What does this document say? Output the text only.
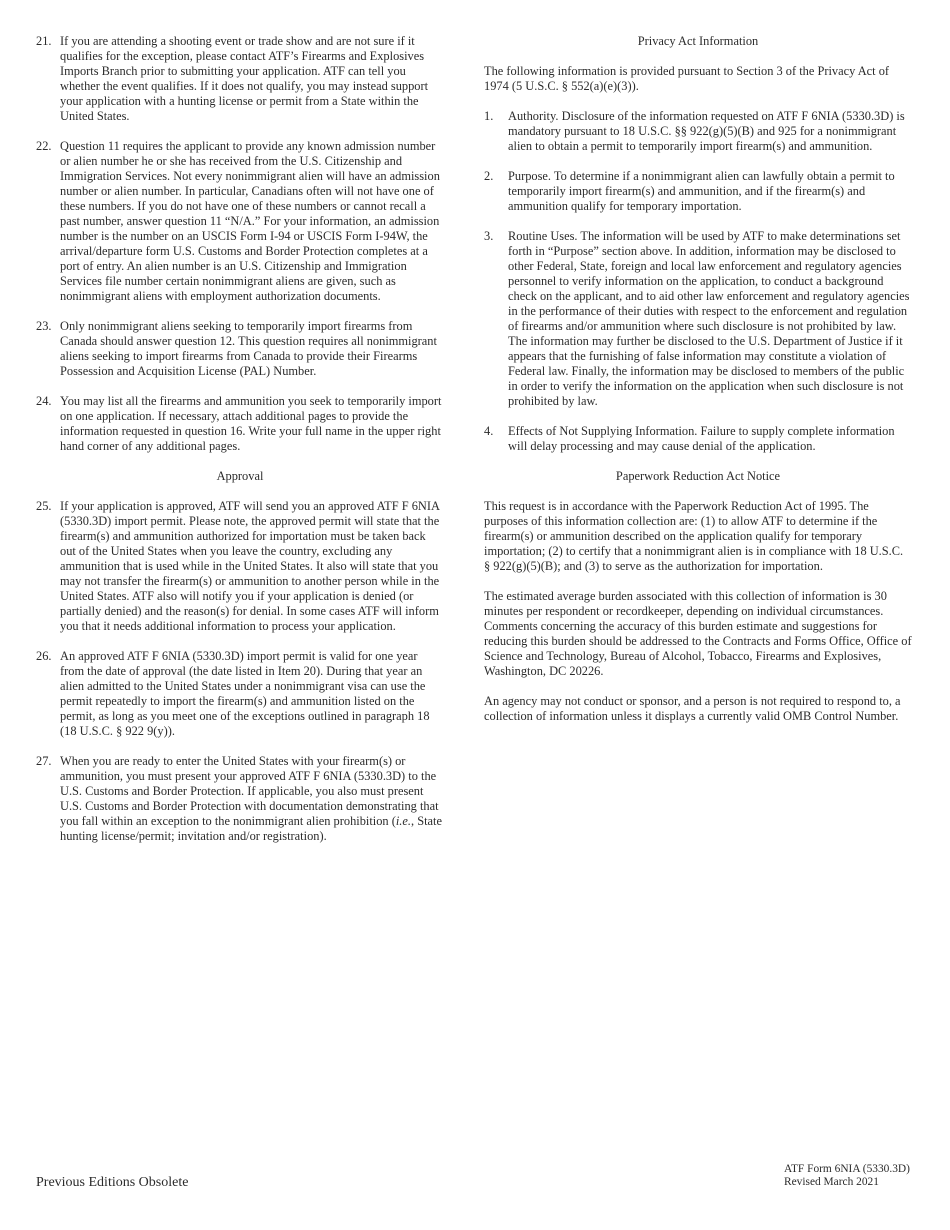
21. If you are attending a shooting event or trade show and are not sure if it qualifies for the exception, please contact ATF’s Firearms and Explosives Imports Branch prior to submitting your application. ATF can tell you whether the event qualifies. If it does not qualify, you may instead support your application with a hunting license or permit from a State within the United States.
22. Question 11 requires the applicant to provide any known admission number or alien number he or she has received from the U.S. Citizenship and Immigration Services. Not every nonimmigrant alien will have an admission number or alien number. In particular, Canadians often will not have one of these numbers. If you do not have one of these numbers or cannot recall a past number, answer question 11 “N/A.” For your information, an admission number is the number on an USCIS Form I-94 or USCIS Form I-94W, the arrival/departure form U.S. Customs and Border Protection completes at a port of entry. An alien number is an U.S. Citizenship and Immigration Services file number certain nonimmigrant aliens are given, such as nonimmigrant aliens with employment authorization documents.
23. Only nonimmigrant aliens seeking to temporarily import firearms from Canada should answer question 12. This question requires all nonimmigrant aliens seeking to import firearms from Canada to provide their Firearms Possession and Acquisition License (PAL) Number.
24. You may list all the firearms and ammunition you seek to temporarily import on one application. If necessary, attach additional pages to provide the information requested in question 16. Write your full name in the upper right hand corner of any additional pages.
Approval
25. If your application is approved, ATF will send you an approved ATF F 6NIA (5330.3D) import permit. Please note, the approved permit will state that the firearm(s) and ammunition authorized for importation must be taken back out of the United States when you leave the country, excluding any ammunition that is used while in the United States. It also will state that you may not transfer the firearm(s) or ammunition to another person while in the United States. ATF also will notify you if your application is denied (or partially denied) and the reason(s) for denial. In some cases ATF will inform you that it needs additional information to process your application.
26. An approved ATF F 6NIA (5330.3D) import permit is valid for one year from the date of approval (the date listed in Item 20). During that year an alien admitted to the United States under a nonimmigrant visa can use the permit repeatedly to import the firearm(s) and ammunition listed on the permit, as long as you meet one of the exceptions outlined in paragraph 18 (18 U.S.C. § 922 9(y)).
27. When you are ready to enter the United States with your firearm(s) or ammunition, you must present your approved ATF F 6NIA (5330.3D) to the U.S. Customs and Border Protection. If applicable, you also must present U.S. Customs and Border Protection with documentation demonstrating that you fall within an exception to the nonimmigrant alien prohibition (i.e., State hunting license/permit; invitation and/or registration).
Privacy Act Information

The following information is provided pursuant to Section 3 of the Privacy Act of 1974 (5 U.S.C. § 552(a)(e)(3)).

1. Authority. Disclosure of the information requested on ATF F 6NIA (5330.3D) is mandatory pursuant to 18 U.S.C. §§ 922(g)(5)(B) and 925 for a nonimmigrant alien to obtain a permit to temporarily import firearm(s) and ammunition.
2. Purpose. To determine if a nonimmigrant alien can lawfully obtain a permit to temporarily import firearm(s) and ammunition, and if the firearm(s) and ammunition qualify for temporary importation.
3. Routine Uses. The information will be used by ATF to make determinations set forth in “Purpose” section above. In addition, information may be disclosed to other Federal, State, foreign and local law enforcement and regulatory agencies personnel to verify information on the application, to conduct a background check on the applicant, and to aid other law enforcement and regulatory agencies in the performance of their duties with respect to the enforcement and regulation of firearms and/or ammunition where such disclosure is not prohibited by law. The information may further be disclosed to the U.S. Department of Justice if it appears that the furnishing of false information may constitute a violation of Federal law. Finally, the information may be disclosed to members of the public in order to verify the information on the application when such disclosure is not prohibited by law.
4. Effects of Not Supplying Information. Failure to supply complete information will delay processing and may cause denial of the application.
Paperwork Reduction Act Notice

This request is in accordance with the Paperwork Reduction Act of 1995. The purposes of this information collection are: (1) to allow ATF to determine if the firearm(s) or ammunition described on the application qualify for temporary importation; (2) to certify that a nonimmigrant alien is in compliance with 18 U.S.C. § 922(g)(5)(B); and (3) to serve as the authorization for importation.

The estimated average burden associated with this collection of information is 30 minutes per respondent or recordkeeper, depending on individual circumstances. Comments concerning the accuracy of this burden estimate and suggestions for reducing this burden should be addressed to the Contracts and Forms Office, Office of Science and Technology, Bureau of Alcohol, Tobacco, Firearms and Explosives, Washington, DC 20226.

An agency may not conduct or sponsor, and a person is not required to respond to, a collection of information unless it displays a currently valid OMB Control Number.

Previous Editions Obsolete
ATF Form 6NIA (5330.3D)
Revised March 2021
